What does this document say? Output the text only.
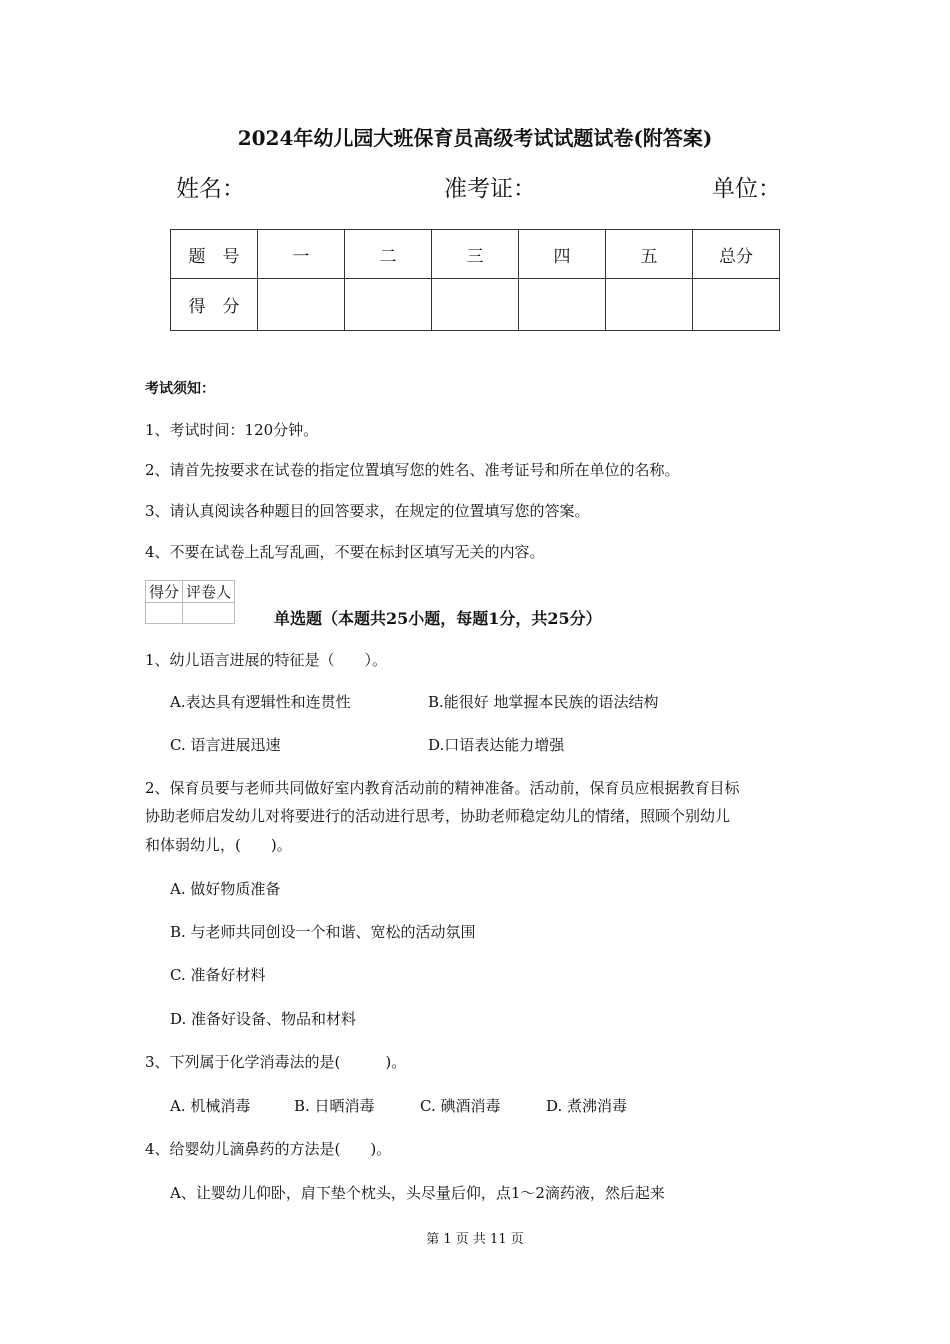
2024年幼儿园大班保育员高级考试试题试卷(附答案)
姓名：	准考证：	单位：
题　号	一	二	三	四	五	总分
得　分						
考试须知：
1、考试时间：120分钟。
2、请首先按要求在试卷的指定位置填写您的姓名、准考证号和所在单位的名称。
3、请认真阅读各种题目的回答要求，在规定的位置填写您的答案。
4、不要在试卷上乱写乱画，不要在标封区填写无关的内容。
得分	评卷人

单选题（本题共25小题，每题1分，共25分）
1、幼儿语言进展的特征是（　　）。
A.表达具有逻辑性和连贯性	B.能很好 地掌握本民族的语法结构
C. 语言进展迅速	D.口语表达能力增强
2、保育员要与老师共同做好室内教育活动前的精神准备。活动前，保育员应根据教育目标
协助老师启发幼儿对将要进行的活动进行思考，协助老师稳定幼儿的情绪，照顾个别幼儿
和体弱幼儿，(　　)。
A. 做好物质准备
B. 与老师共同创设一个和谐、宽松的活动氛围
C. 准备好材料
D. 准备好设备、物品和材料
3、下列属于化学消毒法的是(　　　)。
A. 机械消毒	B. 日晒消毒	C. 碘酒消毒	D. 煮沸消毒
4、给婴幼儿滴鼻药的方法是(　　)。
A、让婴幼儿仰卧，肩下垫个枕头，头尽量后仰，点1～2滴药液，然后起来
第 1 页 共 11 页
